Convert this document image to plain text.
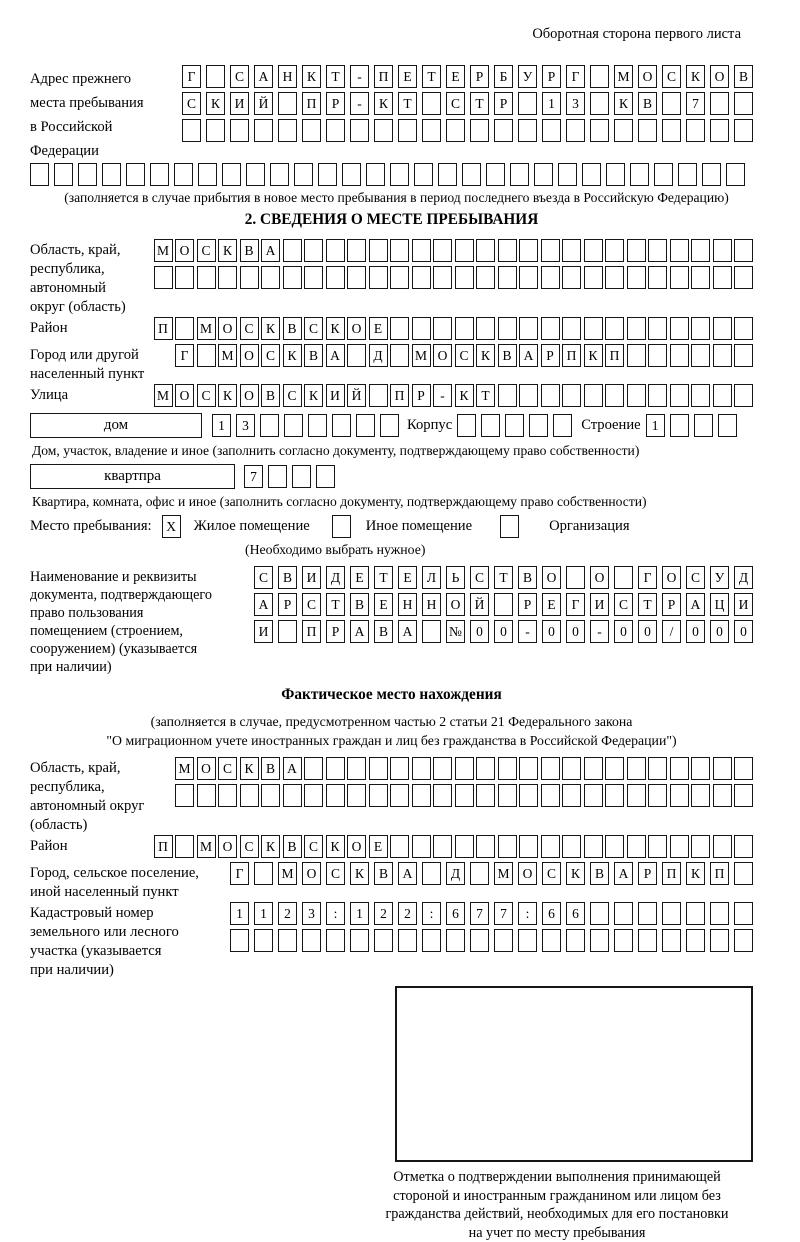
Оборотная сторона первого листа
Адрес прежнего
места пребывания
в Российской
Федерации
Г	С	А	Н	К	Т	-	П	Е	Т	Е	Р	Б	У	Р	Г	М О	С	К	О	В
С	К	И	Й	П	Р	-	К	Т	С	Т	Р	1	3	К	В	7
(заполняется в случае прибытия в новое место пребывания в период последнего въезда в Российскую Федерацию)
2. СВЕДЕНИЯ О МЕСТЕ ПРЕБЫВАНИЯ
Область, край,
республика,
автономный
округ (область)
М О С К В А
Район	П	М О С К В С К О Е
Город или другой
населенный пункт
Г	М О С К В А	Д	М О С К В А Р П К П
Улица	М О С К О В С К И Й	П Р	-	К Т
дом	1	3	Корпус	Строение 1
Дом, участок, владение и иное (заполнить согласно документу, подтверждающему право собственности)
квартпра	7
Квартира, комната, офис и иное (заполнить согласно документу, подтверждающему право собственности)
Место пребывания:	X	Жилое помещение	Иное помещение	Организация
(Необходимо выбрать нужное)
Наименование и реквизиты
документа, подтверждающего
право пользования
помещением (строением,
сооружением) (указывается
при наличии)
С	В	И	Д	Е	Т	Е	Л	Ь	С	Т	В	О	О	Г	О	С	У	Д
А	Р	С	Т	В	Е	Н	Н	О	Й	Р	Е	Г	И	С	Т	Р	А	Ц	И
И	П	Р	А	В	А	№	0	0	-	0	0	-	0	0	/	0	0	0
Фактическое место нахождения
(заполняется в случае, предусмотренном частью 2 статьи 21 Федерального закона
"О миграционном учете иностранных граждан и лиц без гражданства в Российской Федерации")
Область, край,
республика,
автономный округ
(область)
М О С К В А
Район	П	М О С К В С К О Е
Город, сельское поселение,
иной населенный пункт
Г	М О	С	К	В	А	Д	М О	С	К	В	А	Р	П	К	П
Кадастровый номер
земельного или лесного
участка (указывается
при наличии)
1	1	2	3	:	1	2	2	:	6	7	7	:	6	6
Отметка о подтверждении выполнения принимающей
стороной и иностранным гражданином или лицом без
гражданства действий, необходимых для его постановки
на учет по месту пребывания
